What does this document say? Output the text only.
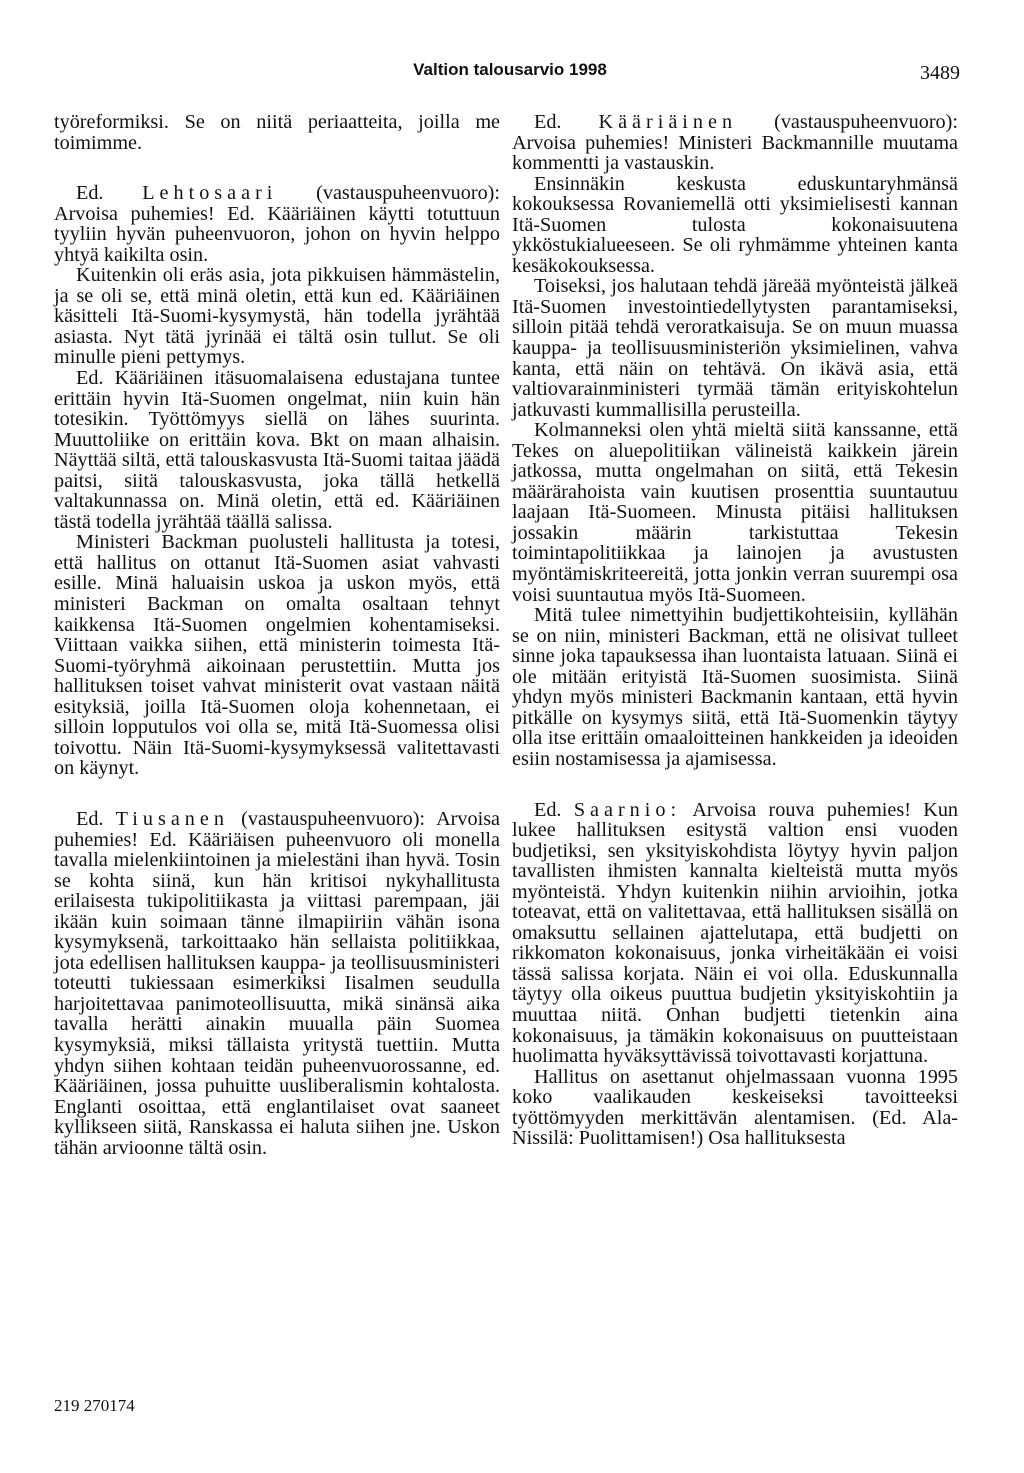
Valtion talousarvio 1998	3489

työreformiksi. Se on niitä periaatteita, joilla me toimimme.

Ed. Lehtosaari (vastauspuheenvuoro): Arvoisa puhemies! Ed. Kääriäinen käytti totuttuun tyyliin hyvän puheenvuoron, johon on hyvin helppo yhtyä kaikilta osin.

Kuitenkin oli eräs asia, jota pikkuisen hämmästelin, ja se oli se, että minä oletin, että kun ed. Kääriäinen käsitteli Itä-Suomi-kysymystä, hän todella jyrähtää asiasta. Nyt tätä jyrinää ei tältä osin tullut. Se oli minulle pieni pettymys.

Ed. Kääriäinen itäsuomalaisena edustajana tuntee erittäin hyvin Itä-Suomen ongelmat, niin kuin hän totesikin. Työttömyys siellä on lähes suurinta. Muuttoliike on erittäin kova. Bkt on maan alhaisin. Näyttää siltä, että talouskasvusta Itä-Suomi taitaa jäädä paitsi, siitä talouskasvusta, joka tällä hetkellä valtakunnassa on. Minä oletin, että ed. Kääriäinen tästä todella jyrähtää täällä salissa.

Ministeri Backman puolusteli hallitusta ja totesi, että hallitus on ottanut Itä-Suomen asiat vahvasti esille. Minä haluaisin uskoa ja uskon myös, että ministeri Backman on omalta osaltaan tehnyt kaikkensa Itä-Suomen ongelmien kohentamiseksi. Viittaan vaikka siihen, että ministerin toimesta Itä-Suomi-työryhmä aikoinaan perustettiin. Mutta jos hallituksen toiset vahvat ministerit ovat vastaan näitä esityksiä, joilla Itä-Suomen oloja kohennetaan, ei silloin lopputulos voi olla se, mitä Itä-Suomessa olisi toivottu. Näin Itä-Suomi-kysymyksessä valitettavasti on käynyt.

Ed. Tiusanen (vastauspuheenvuoro): Arvoisa puhemies! Ed. Kääriäisen puheenvuoro oli monella tavalla mielenkiintoinen ja mielestäni ihan hyvä. Tosin se kohta siinä, kun hän kritisoi nykyhallitusta erilaisesta tukipolitiikasta ja viittasi parempaan, jäi ikään kuin soimaan tänne ilmapiiriin vähän isona kysymyksenä, tarkoittaako hän sellaista politiikkaa, jota edellisen hallituksen kauppa- ja teollisuusministeri toteutti tukiessaan esimerkiksi Iisalmen seudulla harjoitettavaa panimoteollisuutta, mikä sinänsä aika tavalla herätti ainakin muualla päin Suomea kysymyksiä, miksi tällaista yritystä tuettiin. Mutta yhdyn siihen kohtaan teidän puheenvuorossanne, ed. Kääriäinen, jossa puhuitte uusliberalismin kohtalosta. Englanti osoittaa, että englantilaiset ovat saaneet kyllikseen siitä, Ranskassa ei haluta siihen jne. Uskon tähän arvioonne tältä osin.

Ed. Kääriäinen (vastauspuheenvuoro): Arvoisa puhemies! Ministeri Backmannille muutama kommentti ja vastauskin.

Ensinnäkin keskusta eduskuntaryhmänsä kokouksessa Rovaniemellä otti yksimielisesti kannan Itä-Suomen tulosta kokonaisuutena ykköstukialueeseen. Se oli ryhmämme yhteinen kanta kesäkokouksessa.

Toiseksi, jos halutaan tehdä järeää myönteistä jälkeä Itä-Suomen investointiedellytysten parantamiseksi, silloin pitää tehdä veroratkaisuja. Se on muun muassa kauppa- ja teollisuusministeriön yksimielinen, vahva kanta, että näin on tehtävä. On ikävä asia, että valtiovarainministeri tyrmää tämän erityiskohtelun jatkuvasti kummallisilla perusteilla.

Kolmanneksi olen yhtä mieltä siitä kanssanne, että Tekes on aluepolitiikan välineistä kaikkein järein jatkossa, mutta ongelmahan on siitä, että Tekesin määrärahoista vain kuutisen prosenttia suuntautuu laajaan Itä-Suomeen. Minusta pitäisi hallituksen jossakin määrin tarkistuttaa Tekesin toimintapolitiikkaa ja lainojen ja avustusten myöntämiskriteereitä, jotta jonkin verran suurempi osa voisi suuntautua myös Itä-Suomeen.

Mitä tulee nimettyihin budjettikohteisiin, kyllähän se on niin, ministeri Backman, että ne olisivat tulleet sinne joka tapauksessa ihan luontaista latuaan. Siinä ei ole mitään erityistä Itä-Suomen suosimista. Siinä yhdyn myös ministeri Backmanin kantaan, että hyvin pitkälle on kysymys siitä, että Itä-Suomenkin täytyy olla itse erittäin omaaloitteinen hankkeiden ja ideoiden esiin nostamisessa ja ajamisessa.

Ed. Saarnio: Arvoisa rouva puhemies! Kun lukee hallituksen esitystä valtion ensi vuoden budjetiksi, sen yksityiskohdista löytyy hyvin paljon tavallisten ihmisten kannalta kielteistä mutta myös myönteistä. Yhdyn kuitenkin niihin arvioihin, jotka toteavat, että on valitettavaa, että hallituksen sisällä on omaksuttu sellainen ajattelutapa, että budjetti on rikkomaton kokonaisuus, jonka virheitäkään ei voisi tässä salissa korjata. Näin ei voi olla. Eduskunnalla täytyy olla oikeus puuttua budjetin yksityiskohtiin ja muuttaa niitä. Onhan budjetti tietenkin aina kokonaisuus, ja tämäkin kokonaisuus on puutteistaan huolimatta hyväksyttävissä toivottavasti korjattuna.

Hallitus on asettanut ohjelmassaan vuonna 1995 koko vaalikauden keskeiseksi tavoitteeksi työttömyyden merkittävän alentamisen. (Ed. Ala-Nissilä: Puolittamisen!) Osa hallituksesta

219 270174
